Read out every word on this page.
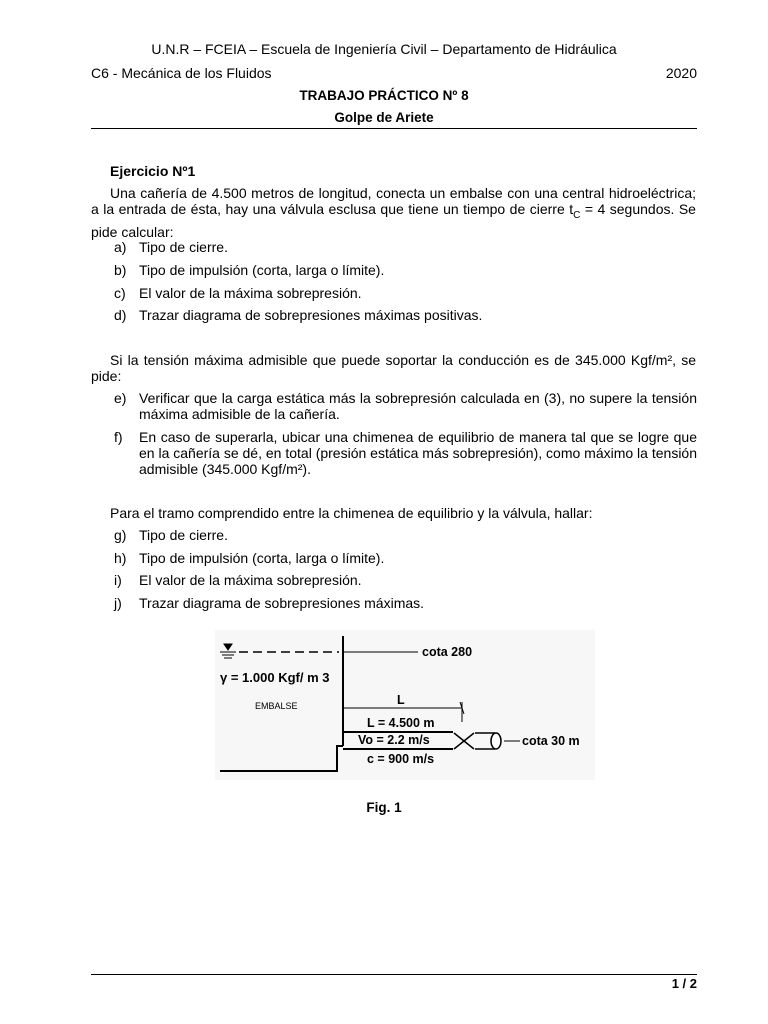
U.N.R – FCEIA – Escuela de Ingeniería Civil – Departamento de Hidráulica
C6 - Mecánica de los Fluidos	2020
TRABAJO PRÁCTICO Nº 8
Golpe de Ariete
Ejercicio Nº1
Una cañería de 4.500 metros de longitud, conecta un embalse con una central hidroeléctrica; a la entrada de ésta, hay una válvula esclusa que tiene un tiempo de cierre $t_C = 4$ segundos. Se pide calcular:
a) Tipo de cierre.
b) Tipo de impulsión (corta, larga o límite).
c) El valor de la máxima sobrepresión.
d) Trazar diagrama de sobrepresiones máximas positivas.
Si la tensión máxima admisible que puede soportar la conducción es de 345.000 Kgf/m², se pide:
e) Verificar que la carga estática más la sobrepresión calculada en (3), no supere la tensión máxima admisible de la cañería.
f) En caso de superarla, ubicar una chimenea de equilibrio de manera tal que se logre que en la cañería se dé, en total (presión estática más sobrepresión), como máximo la tensión admisible (345.000 Kgf/m²).
Para el tramo comprendido entre la chimenea de equilibrio y la válvula, hallar:
g) Tipo de cierre.
h) Tipo de impulsión (corta, larga o límite).
i) El valor de la máxima sobrepresión.
j) Trazar diagrama de sobrepresiones máximas.
cota 280
γ = 1.000 Kgf/ m 3
EMBALSE	L
L = 4.500 m
Vo = 2.2 m/s
c = 900 m/s
cota 30 m
Fig. 1
1 / 2
